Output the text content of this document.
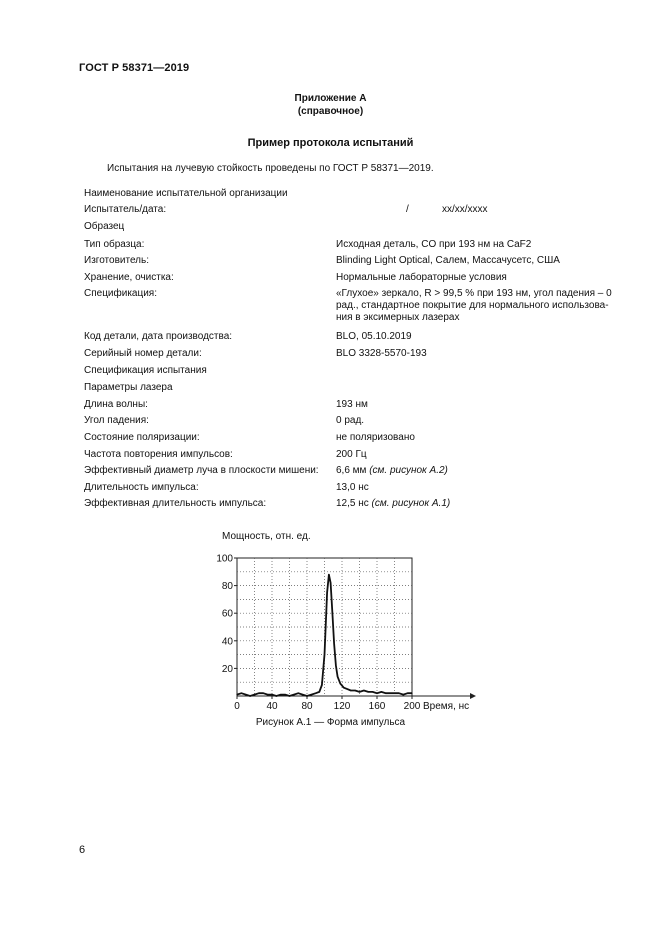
ГОСТ Р 58371—2019
Приложение А
(справочное)
Пример протокола испытаний
Испытания на лучевую стойкость проведены по ГОСТ Р 58371—2019.
Наименование испытательной организации
Испытатель/дата:	/	xx/xx/xxxx
Образец
Тип образца:	Исходная деталь, CO при 193 нм на CaF2
Изготовитель:	Blinding Light Optical, Салем, Массачусетс, США
Хранение, очистка:	Нормальные лабораторные условия
Спецификация:	«Глухое» зеркало, R > 99,5 % при 193 нм, угол падения – 0
рад., стандартное покрытие для нормального использова-
ния в эксимерных лазерах
Код детали, дата производства:	BLO, 05.10.2019
Серийный номер детали:	BLO 3328-5570-193
Спецификация испытания
Параметры лазера
Длина волны:	193 нм
Угол падения:	0 рад.
Состояние поляризации:	не поляризовано
Частота повторения импульсов:	200 Гц
Эффективный диаметр луча в плоскости мишени:	6,6 мм (см. рисунок А.2)
Длительность импульса:	13,0 нс
Эффективная длительность импульса:	12,5 нс (см. рисунок А.1)
Мощность, отн. ед.
20
40
60
80
100
0	40 80 120 160 200 Время, нс
Рисунок А.1 — Форма импульса
6
